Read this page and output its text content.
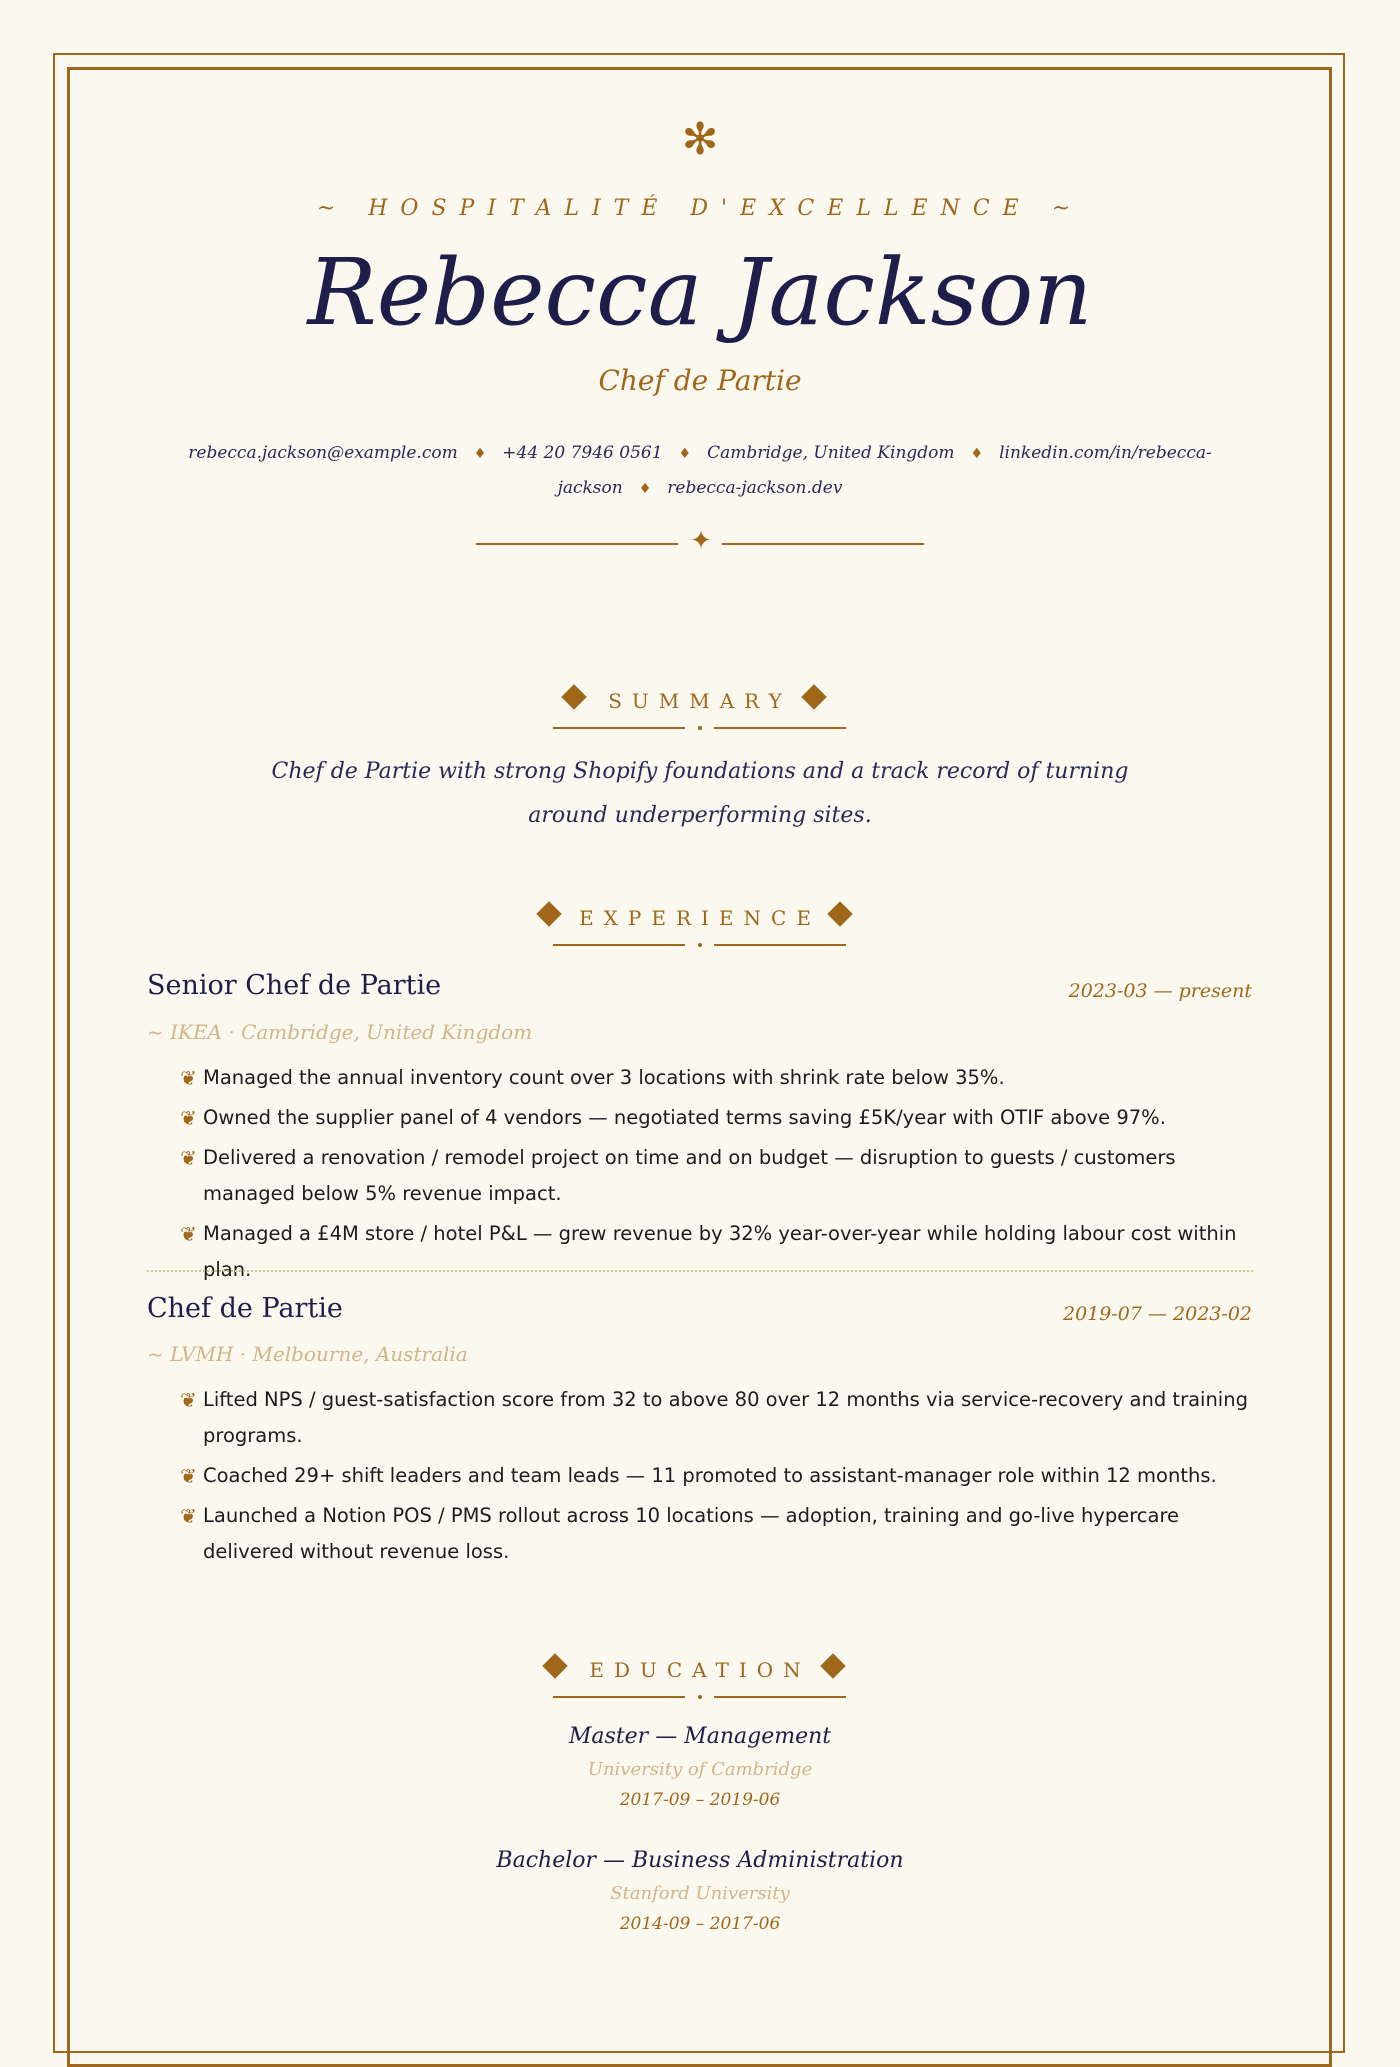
✻
~ HOSPITALITÉ D'EXCELLENCE ~
Rebecca Jackson
Chef de Partie
rebecca.jackson@example.com ♦ +44 20 7946 0561 ♦ Cambridge, United Kingdom ♦ linkedin.com/in/rebecca-jackson ♦ rebecca-jackson.dev
✦
SUMMARY
Chef de Partie with strong Shopify foundations and a track record of turning around underperforming sites.
EXPERIENCE
Senior Chef de Partie	2023-03 — present
~ IKEA · Cambridge, United Kingdom
❦ Managed the annual inventory count over 3 locations with shrink rate below 35%.
❦ Owned the supplier panel of 4 vendors — negotiated terms saving £5K/year with OTIF above 97%.
❦ Delivered a renovation / remodel project on time and on budget — disruption to guests / customers managed below 5% revenue impact.
❦ Managed a £4M store / hotel P&L — grew revenue by 32% year-over-year while holding labour cost within plan.
Chef de Partie	2019-07 — 2023-02
~ LVMH · Melbourne, Australia
❦ Lifted NPS / guest-satisfaction score from 32 to above 80 over 12 months via service-recovery and training programs.
❦ Coached 29+ shift leaders and team leads — 11 promoted to assistant-manager role within 12 months.
❦ Launched a Notion POS / PMS rollout across 10 locations — adoption, training and go-live hypercare delivered without revenue loss.
EDUCATION
Master — Management
University of Cambridge
2017-09 – 2019-06
Bachelor — Business Administration
Stanford University
2014-09 – 2017-06
